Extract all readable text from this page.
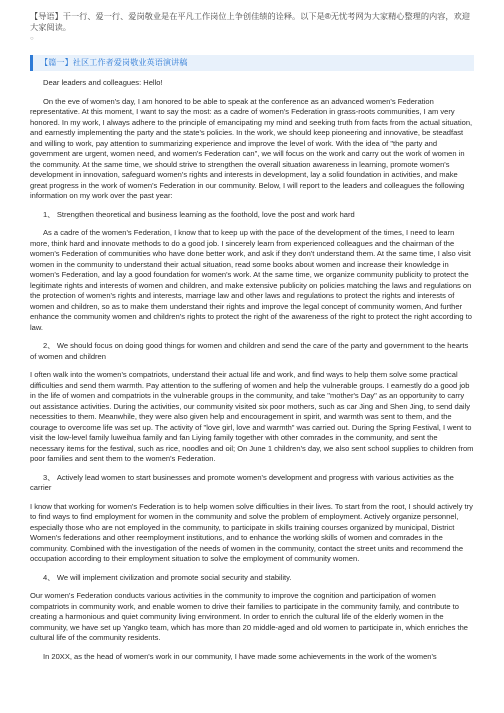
【导语】干一行、爱一行、爱岗敬业是在平凡工作岗位上争创佳绩的诠释。以下是®无忧考网为大家精心整理的内容，欢迎大家阅读。
○
【篇一】社区工作者爱岗敬业英语演讲稿

Dear leaders and colleagues: Hello!

On the eve of women's day, I am honored to be able to speak at the conference as an advanced women's Federation representative. At this moment, I want to say the most: as a cadre of women's Federation in grass-roots communities, I am very honored. In my work, I always adhere to the principle of emancipating my mind and seeking truth from facts from the actual situation, and earnestly implementing the party and the state's policies. In the work, we should keep pioneering and innovative, be steadfast and willing to work, pay attention to summarizing experience and improve the level of work. With the idea of "the party and government are urgent, women need, and women's Federation can", we will focus on the work and carry out the work of women in the community. At the same time, we should strive to strengthen the overall situation awareness in learning, promote women's development in innovation, safeguard women's rights and interests in development, lay a solid foundation in activities, and make great progress in the work of women's Federation in our community. Below, I will report to the leaders and colleagues the following information on my work over the past year:

1、 Strengthen theoretical and business learning as the foothold, love the post and work hard

As a cadre of the women's Federation, I know that to keep up with the pace of the development of the times, I need to learn more, think hard and innovate methods to do a good job. I sincerely learn from experienced colleagues and the chairman of the women's Federation of communities who have done better work, and ask if they don't understand them. At the same time, I also visit women in the community to understand their actual situation, read some books about women and increase their knowledge in women's Federation, and lay a good foundation for women's work. At the same time, we organize community publicity to protect the legitimate rights and interests of women and children, and make extensive publicity on policies matching the laws and regulations on the protection of women's rights and interests, marriage law and other laws and regulations to protect the rights and interests of women and children, so as to make them understand their rights and improve the legal concept of community women, And further enhance the community women and children's rights to protect the right of the awareness of the right to protect the right according to law.

2、 We should focus on doing good things for women and children and send the care of the party and government to the hearts of women and children

I often walk into the women's compatriots, understand their actual life and work, and find ways to help them solve some practical difficulties and send them warmth. Pay attention to the suffering of women and help the vulnerable groups. I earnestly do a good job in the life of women and compatriots in the vulnerable groups in the community, and take "mother's Day" as an opportunity to carry out assistance activities. During the activities, our community visited six poor mothers, such as car Jing and Shen Jing, to send daily necessities to them. Meanwhile, they were also given help and encouragement in spirit, and warmth was sent to them, and the courage to overcome life was set up. The activity of "love girl, love and warmth" was carried out. During the Spring Festival, I went to visit the low-level family luweihua family and fan Liying family together with other comrades in the community, and sent the necessary items for the festival, such as rice, noodles and oil; On June 1 children's day, we also sent school supplies to children from poor families and sent them to the women's Federation.

3、 Actively lead women to start businesses and promote women's development and progress with various activities as the carrier

I know that working for women's Federation is to help women solve difficulties in their lives. To start from the root, I should actively try to find ways to find employment for women in the community and solve the problem of employment. Actively organize personnel, especially those who are not employed in the community, to participate in skills training courses organized by municipal, District Women's federations and other reemployment institutions, and to enhance the working skills of women and comrades in the community. Combined with the investigation of the needs of women in the community, contact the street units and recommend the occupation according to their employment situation to solve the employment of community women.

4、 We will implement civilization and promote social security and stability.

Our women's Federation conducts various activities in the community to improve the cognition and participation of women compatriots in community work, and enable women to drive their families to participate in the community family, and contribute to creating a harmonious and quiet community living environment. In order to enrich the cultural life of the elderly women in the community, we have set up Yangko team, which has more than 20 middle-aged and old women to participate in, which enriches the cultural life of the community residents.

In 20XX, as the head of women's work in our community, I have made some achievements in the work of the women's
